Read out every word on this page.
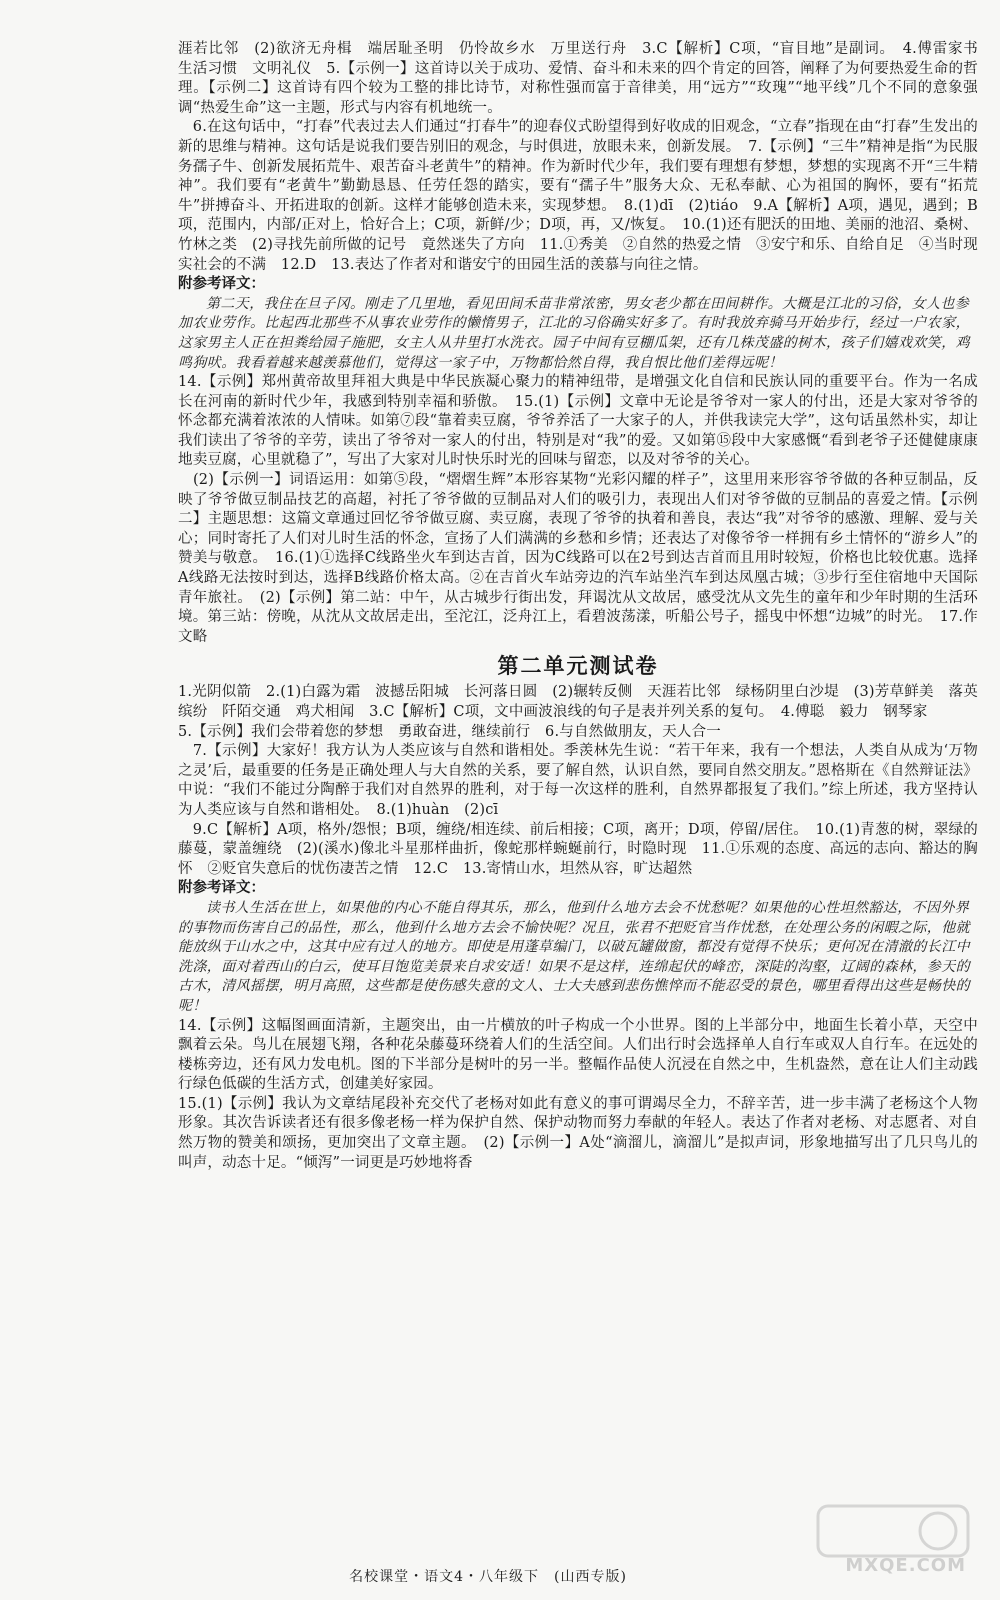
涯若比邻　(2)欲济无舟楫　端居耻圣明　仍怜故乡水　万里送行舟　3.C【解析】C项，“盲目地”是副词。　4.傅雷家书　生活习惯　文明礼仪　5.【示例一】这首诗以关于成功、爱情、奋斗和未来的四个肯定的回答，阐释了为何要热爱生命的哲理。【示例二】这首诗有四个较为工整的排比诗节，对称性强而富于音律美，用“远方”“玫瑰”“地平线”几个不同的意象强调“热爱生命”这一主题，形式与内容有机地统一。

　6.在这句话中，“打春”代表过去人们通过“打春牛”的迎春仪式盼望得到好收成的旧观念，“立春”指现在由“打春”生发出的新的思维与精神。这句话是说我们要告别旧的观念，与时俱进，放眼未来，创新发展。　7.【示例】“三牛”精神是指“为民服务孺子牛、创新发展拓荒牛、艰苦奋斗老黄牛”的精神。作为新时代少年，我们要有理想有梦想，梦想的实现离不开“三牛精神”。我们要有“老黄牛”勤勤恳恳、任劳任怨的踏实，要有“孺子牛”服务大众、无私奉献、心为祖国的胸怀，要有“拓荒牛”拼搏奋斗、开拓进取的创新。这样才能够创造未来，实现梦想。　8.(1)dī　(2)tiáo　9.A【解析】A项，遇见，遇到；B项，范围内，内部/正对上，恰好合上；C项，新鲜/少；D项，再，又/恢复。　10.(1)还有肥沃的田地、美丽的池沼、桑树、竹林之类　(2)寻找先前所做的记号　竟然迷失了方向　11.①秀美　②自然的热爱之情　③安宁和乐、自给自足　④当时现实社会的不满　12.D　13.表达了作者对和谐安宁的田园生活的羡慕与向往之情。

附参考译文：

第二天，我住在旦子冈。刚走了几里地，看见田间禾苗非常浓密，男女老少都在田间耕作。大概是江北的习俗，女人也参加农业劳作。比起西北那些不从事农业劳作的懒惰男子，江北的习俗确实好多了。有时我放弃骑马开始步行，经过一户农家，这家男主人正在担粪给园子施肥，女主人从井里打水洗衣。园子中间有豆棚瓜架，还有几株茂盛的树木，孩子们嬉戏欢笑，鸡鸣狗吠。我看着越来越羡慕他们，觉得这一家子中，万物都恰然自得，我自恨比他们差得远呢！

14.【示例】郑州黄帝故里拜祖大典是中华民族凝心聚力的精神纽带，是增强文化自信和民族认同的重要平台。作为一名成长在河南的新时代少年，我感到特别幸福和骄傲。　15.(1)【示例】文章中无论是爷爷对一家人的付出，还是大家对爷爷的怀念都充满着浓浓的人情味。如第⑦段“靠着卖豆腐，爷爷养活了一大家子的人，并供我读完大学”，这句话虽然朴实，却让我们读出了爷爷的辛劳，读出了爷爷对一家人的付出，特别是对“我”的爱。又如第⑮段中大家感慨“看到老爷子还健健康康地卖豆腐，心里就稳了”，写出了大家对儿时快乐时光的回味与留恋，以及对爷爷的关心。

　(2)【示例一】词语运用：如第⑤段，“熠熠生辉”本形容某物“光彩闪耀的样子”，这里用来形容爷爷做的各种豆制品，反映了爷爷做豆制品技艺的高超，衬托了爷爷做的豆制品对人们的吸引力，表现出人们对爷爷做的豆制品的喜爱之情。【示例二】主题思想：这篇文章通过回忆爷爷做豆腐、卖豆腐，表现了爷爷的执着和善良，表达“我”对爷爷的感激、理解、爱与关心；同时寄托了人们对儿时生活的怀念，宣扬了人们满满的乡愁和乡情；还表达了对像爷爷一样拥有乡土情怀的“游乡人”的赞美与敬意。　16.(1)①选择C线路坐火车到达吉首，因为C线路可以在2号到达吉首而且用时较短，价格也比较优惠。选择A线路无法按时到达，选择B线路价格太高。②在吉首火车站旁边的汽车站坐汽车到达凤凰古城；③步行至住宿地中天国际青年旅社。　(2)【示例】第二站：中午，从古城步行街出发，拜谒沈从文故居，感受沈从文先生的童年和少年时期的生活环境。第三站：傍晚，从沈从文故居走出，至沱江，泛舟江上，看碧波荡漾，听船公号子，摇曳中怀想“边城”的时光。　17.作文略

第二单元测试卷

1.光阴似箭　2.(1)白露为霜　波撼岳阳城　长河落日圆　(2)辗转反侧　天涯若比邻　绿杨阴里白沙堤　(3)芳草鲜美　落英缤纷　阡陌交通　鸡犬相闻　3.C【解析】C项，文中画波浪线的句子是表并列关系的复句。　4.傅聪　毅力　钢琴家

5.【示例】我们会带着您的梦想　勇敢奋进，继续前行　6.与自然做朋友，天人合一

　7.【示例】大家好！我方认为人类应该与自然和谐相处。季羡林先生说：“若干年来，我有一个想法，人类自从成为‘万物之灵’后，最重要的任务是正确处理人与大自然的关系，要了解自然，认识自然，要同自然交朋友。”恩格斯在《自然辩证法》中说：“我们不能过分陶醉于我们对自然界的胜利，对于每一次这样的胜利，自然界都报复了我们。”综上所述，我方坚持认为人类应该与自然和谐相处。　8.(1)huàn　(2)cī

　9.C【解析】A项，格外/怨恨；B项，缠绕/相连续、前后相接；C项，离开；D项，停留/居住。　10.(1)青葱的树，翠绿的藤蔓，蒙盖缠绕　(2)(溪水)像北斗星那样曲折，像蛇那样蜿蜒前行，时隐时现　11.①乐观的态度、高远的志向、豁达的胸怀　②贬官失意后的忧伤凄苦之情　12.C　13.寄情山水，坦然从容，旷达超然

附参考译文：

读书人生活在世上，如果他的内心不能自得其乐，那么，他到什么地方去会不忧愁呢？如果他的心性坦然豁达，不因外界的事物而伤害自己的品性，那么，他到什么地方去会不愉快呢？况且，张君不把贬官当作忧愁，在处理公务的闲暇之际，他就能放纵于山水之中，这其中应有过人的地方。即使是用蓬草编门，以破瓦罐做窗，都没有觉得不快乐；更何况在清澈的长江中洗涤，面对着西山的白云，使耳目饱览美景来自求安适！如果不是这样，连绵起伏的峰峦，深陡的沟壑，辽阔的森林，参天的古木，清风摇摆，明月高照，这些都是使伤感失意的文人、士大夫感到悲伤憔悴而不能忍受的景色，哪里看得出这些是畅快的呢！

14.【示例】这幅图画面清新，主题突出，由一片横放的叶子构成一个小世界。图的上半部分中，地面生长着小草，天空中飘着云朵。鸟儿在展翅飞翔，各种花朵藤蔓环绕着人们的生活空间。人们出行时会选择单人自行车或双人自行车。在远处的楼栋旁边，还有风力发电机。图的下半部分是树叶的另一半。整幅作品使人沉浸在自然之中，生机盎然，意在让人们主动践行绿色低碳的生活方式，创建美好家园。

15.(1)【示例】我认为文章结尾段补充交代了老杨对如此有意义的事可谓竭尽全力，不辞辛苦，进一步丰满了老杨这个人物形象。其次告诉读者还有很多像老杨一样为保护自然、保护动物而努力奉献的年轻人。表达了作者对老杨、对志愿者、对自然万物的赞美和颂扬，更加突出了文章主题。　(2)【示例一】A处“滴溜儿，滴溜儿”是拟声词，形象地描写出了几只鸟儿的叫声，动态十足。“倾泻”一词更是巧妙地将香

名校课堂・语文4・八年级下　(山西专版)
MXQE.COM
